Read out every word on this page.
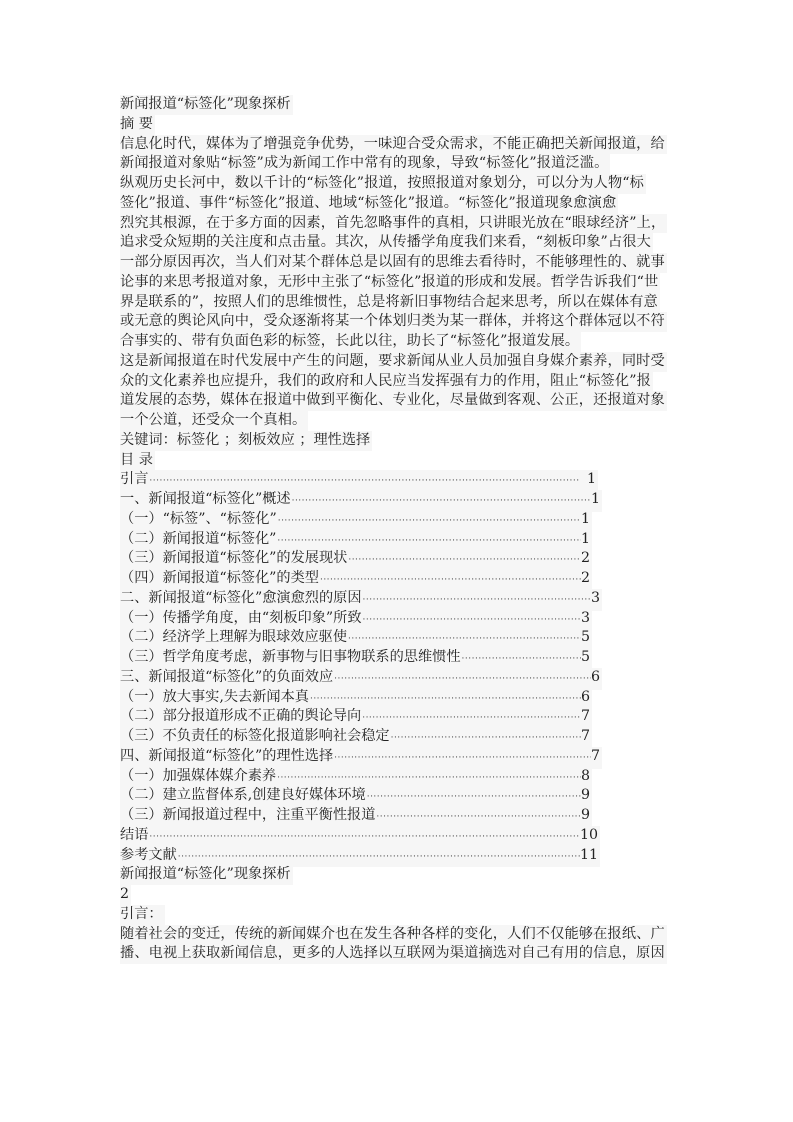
新闻报道“标签化”现象探析
摘 要
信息化时代，媒体为了增强竞争优势，一味迎合受众需求，不能正确把关新闻报道，给
新闻报道对象贴“标签”成为新闻工作中常有的现象，导致“标签化”报道泛滥。
纵观历史长河中，数以千计的“标签化”报道，按照报道对象划分，可以分为人物“标
签化”报道、事件“标签化”报道、地域“标签化”报道。“标签化”报道现象愈演愈
烈究其根源，在于多方面的因素，首先忽略事件的真相，只讲眼光放在“眼球经济”上，
追求受众短期的关注度和点击量。其次，从传播学角度我们来看，“刻板印象”占很大
一部分原因再次，当人们对某个群体总是以固有的思维去看待时，不能够理性的、就事
论事的来思考报道对象，无形中主张了“标签化”报道的形成和发展。哲学告诉我们“世
界是联系的”，按照人们的思维惯性，总是将新旧事物结合起来思考，所以在媒体有意
或无意的舆论风向中，受众逐渐将某一个体划归类为某一群体，并将这个群体冠以不符
合事实的、带有负面色彩的标签，长此以往，助长了“标签化”报道发展。
这是新闻报道在时代发展中产生的问题，要求新闻从业人员加强自身媒介素养，同时受
众的文化素养也应提升，我们的政府和人民应当发挥强有力的作用，阻止“标签化”报
道发展的态势，媒体在报道中做到平衡化、专业化，尽量做到客观、公正，还报道对象
一个公道，还受众一个真相。
关键词：标签化 ；刻板效应 ；理性选择
目 录
引言 ·····	1
一、新闻报道“标签化”概述 ·····	1
（一）“标签”、“标签化” ·····	1
（二）新闻报道“标签化” ·····	1
（三）新闻报道“标签化”的发展现状 ·····	2
（四）新闻报道“标签化”的类型 ·····	2
二、新闻报道“标签化”愈演愈烈的原因 ·····	3
（一）传播学角度，由“刻板印象”所致 ·····	3
（二）经济学上理解为眼球效应驱使 ·····	5
（三）哲学角度考虑，新事物与旧事物联系的思维惯性 ·····	5
三、新闻报道“标签化”的负面效应 ·····	6
（一）放大事实,失去新闻本真 ·····	6
（二）部分报道形成不正确的舆论导向 ·····	7
（三）不负责任的标签化报道影响社会稳定 ·····	7
四、新闻报道“标签化”的理性选择 ·····	7
（一）加强媒体媒介素养 ·····	8
（二）建立监督体系,创建良好媒体环境 ·····	9
（三）新闻报道过程中，注重平衡性报道 ·····	9
结语 ·····	10
参考文献 ·····	11
新闻报道“标签化”现象探析
2
引言：
随着社会的变迁，传统的新闻媒介也在发生各种各样的变化，人们不仅能够在报纸、广
播、电视上获取新闻信息，更多的人选择以互联网为渠道摘选对自己有用的信息，原因
